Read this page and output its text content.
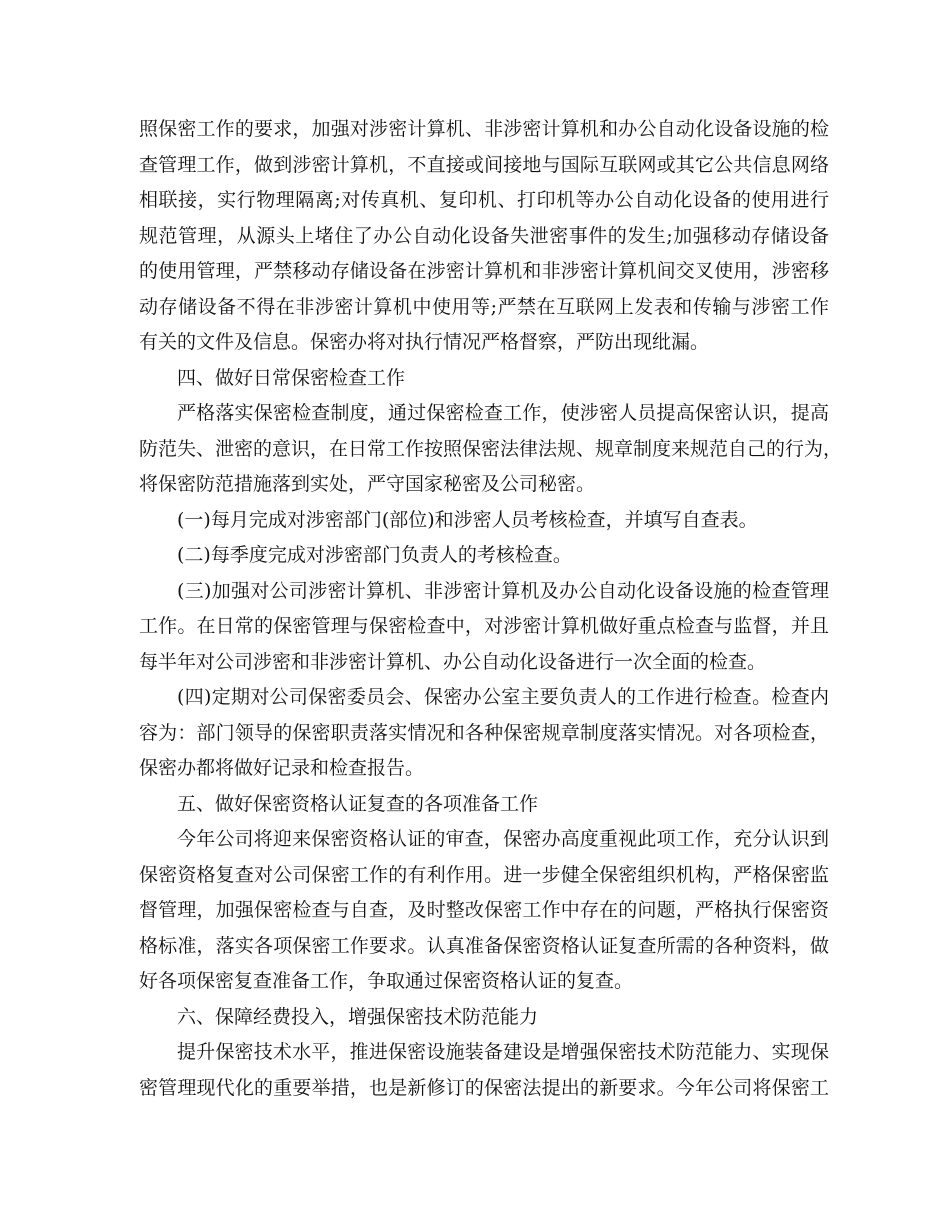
照保密工作的要求，加强对涉密计算机、非涉密计算机和办公自动化设备设施的检
查管理工作，做到涉密计算机，不直接或间接地与国际互联网或其它公共信息网络
相联接，实行物理隔离;对传真机、复印机、打印机等办公自动化设备的使用进行
规范管理，从源头上堵住了办公自动化设备失泄密事件的发生;加强移动存储设备
的使用管理，严禁移动存储设备在涉密计算机和非涉密计算机间交叉使用，涉密移
动存储设备不得在非涉密计算机中使用等;严禁在互联网上发表和传输与涉密工作
有关的文件及信息。保密办将对执行情况严格督察，严防出现纰漏。
四、做好日常保密检查工作
严格落实保密检查制度，通过保密检查工作，使涉密人员提高保密认识，提高
防范失、泄密的意识，在日常工作按照保密法律法规、规章制度来规范自己的行为，
将保密防范措施落到实处，严守国家秘密及公司秘密。
(一)每月完成对涉密部门(部位)和涉密人员考核检查，并填写自查表。
(二)每季度完成对涉密部门负责人的考核检查。
(三)加强对公司涉密计算机、非涉密计算机及办公自动化设备设施的检查管理
工作。在日常的保密管理与保密检查中，对涉密计算机做好重点检查与监督，并且
每半年对公司涉密和非涉密计算机、办公自动化设备进行一次全面的检查。
(四)定期对公司保密委员会、保密办公室主要负责人的工作进行检查。检查内
容为：部门领导的保密职责落实情况和各种保密规章制度落实情况。对各项检查，
保密办都将做好记录和检查报告。
五、做好保密资格认证复查的各项准备工作
今年公司将迎来保密资格认证的审查，保密办高度重视此项工作，充分认识到
保密资格复查对公司保密工作的有利作用。进一步健全保密组织机构，严格保密监
督管理，加强保密检查与自查，及时整改保密工作中存在的问题，严格执行保密资
格标准，落实各项保密工作要求。认真准备保密资格认证复查所需的各种资料，做
好各项保密复查准备工作，争取通过保密资格认证的复查。
六、保障经费投入，增强保密技术防范能力
提升保密技术水平，推进保密设施装备建设是增强保密技术防范能力、实现保
密管理现代化的重要举措，也是新修订的保密法提出的新要求。今年公司将保密工
